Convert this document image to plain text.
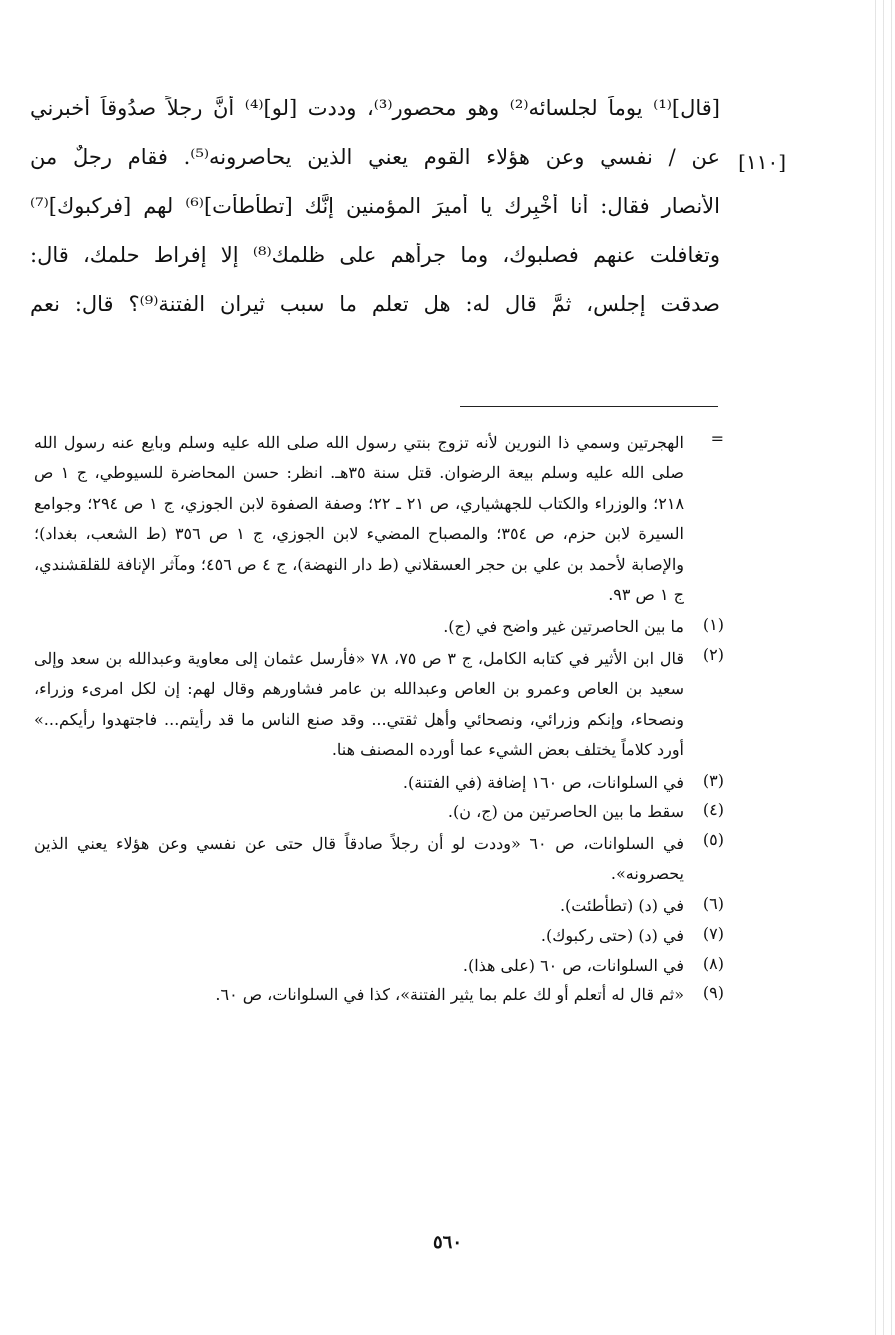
[قال]⁽¹⁾ يوماً لجلسائه⁽²⁾ وهو محصور⁽³⁾، وددت [لو]⁽⁴⁾ أنَّ رجلاً صدُوقاً أخبرني
عن / نفسي وعن هؤلاء القوم يعني الذين يحاصرونه⁽⁵⁾. فقام رجلٌ من
الأنصار فقال: أنا أُخْبِرك يا أميرَ المؤمنين إنَّك [تطأطأت]⁽⁶⁾ لهم [فركبوك]⁽⁷⁾
وتغافلت عنهم فصلبوك، وما جرأهم على ظلمك⁽⁸⁾ إلا إفراط حلمك، قال:
صدقت إجلس، ثمَّ قال له: هل تعلم ما سبب ثيران الفتنة⁽⁹⁾؟ قال: نعم
[١١٠]
=
الهجرتين وسمي ذا النورين لأنه تزوج بنتي رسول الله صلى الله عليه وسلم وبايع عنه رسول الله صلى الله عليه وسلم بيعة الرضوان. قتل سنة ٣٥هـ. انظر: حسن المحاضرة للسيوطي، ج ١ ص ٢١٨؛ والوزراء والكتاب للجهشياري، ص ٢١ ـ ٢٢؛ وصفة الصفوة لابن الجوزي، ج ١ ص ٢٩٤؛ وجوامع السيرة لابن حزم، ص ٣٥٤؛ والمصباح المضيء لابن الجوزي، ج ١ ص ٣٥٦ (ط الشعب، بغداد)؛ والإصابة لأحمد بن علي بن حجر العسقلاني (ط دار النهضة)، ج ٤ ص ٤٥٦؛ ومآثر الإنافة للقلقشندي، ج ١ ص ٩٣.
(١)
ما بين الحاصرتين غير واضح في (ج).
(٢)
قال ابن الأثير في كتابه الكامل، ج ٣ ص ٧٥، ٧٨ «فأرسل عثمان إلى معاوية وعبدالله بن سعد وإلى سعيد بن العاص وعمرو بن العاص وعبدالله بن عامر فشاورهم وقال لهم: إن لكل امرىء وزراء، ونصحاء، وإنكم وزرائي، ونصحائي وأهل ثقتي... وقد صنع الناس ما قد رأيتم... فاجتهدوا رأيكم...» أورد كلاماً يختلف بعض الشيء عما أورده المصنف هنا.
(٣)
في السلوانات، ص ١٦٠ إضافة (في الفتنة).
(٤)
سقط ما بين الحاصرتين من (ج، ن).
(٥)
في السلوانات، ص ٦٠ «وددت لو أن رجلاً صادقاً قال حتى عن نفسي وعن هؤلاء يعني الذين يحصرونه».
(٦)
في (د) (تطأطئت).
(٧)
في (د) (حتى ركبوك).
(٨)
في السلوانات، ص ٦٠ (على هذا).
(٩)
«ثم قال له أتعلم أو لك علم بما يثير الفتنة»، كذا في السلوانات، ص ٦٠.
٥٦٠
